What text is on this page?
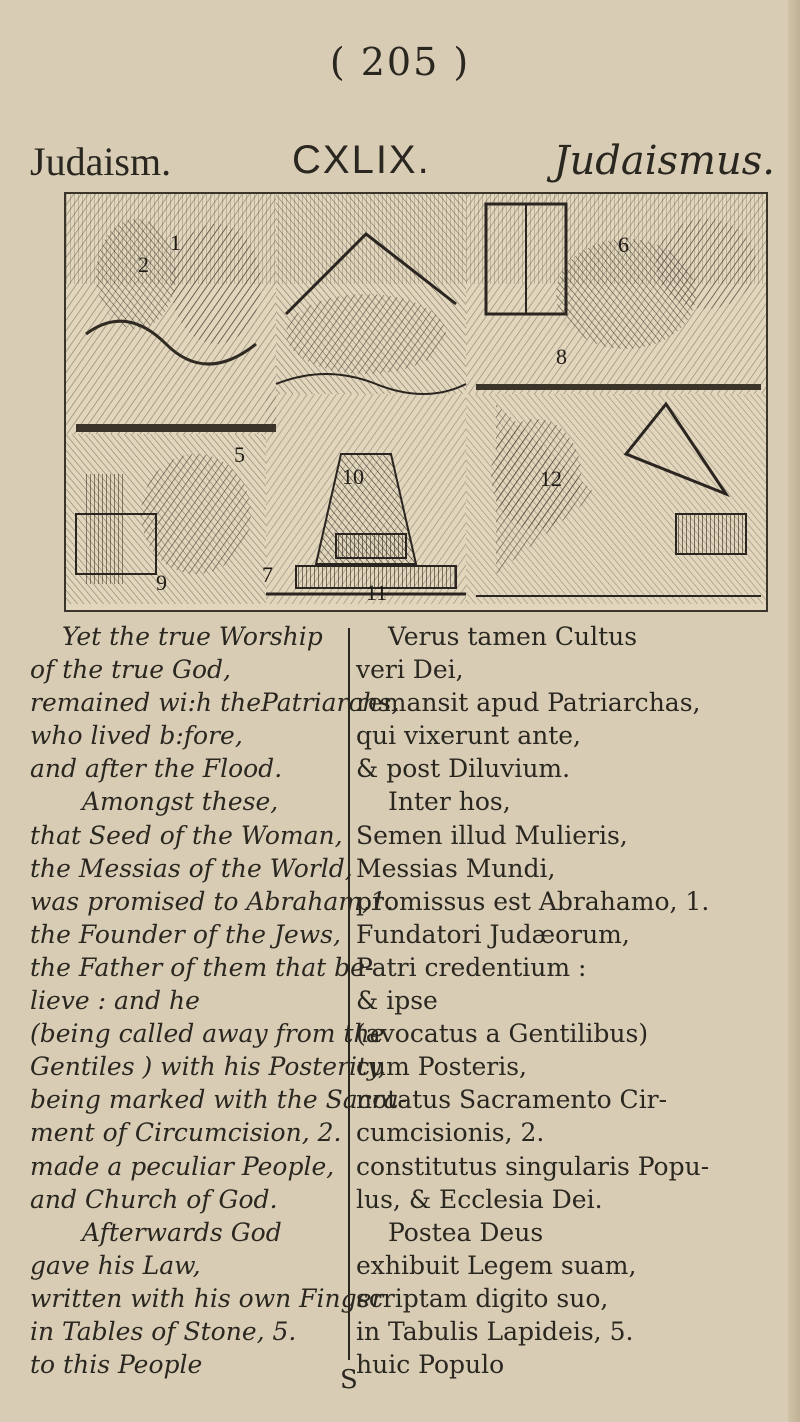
( 205 )
Judaism.	CXLIX.	Judaismus.
1
2
5
6
7
8
9
10
11
12
Yet the true Worship
of the true God,
remained wi:h thePatriarchs,
who lived b:fore,
and after the Flood.
Amongst these,
that Seed of the Woman,
the Messias of the World,
was promised to Abraham,1.
the Founder of the Jews,
the Father of them that be-
lieve : and he
(being called away from the
Gentiles ) with his Posterity,
being marked with the Sacra-
ment of Circumcision, 2.
made a peculiar People,
and Church of God.
Afterwards God
gave his Law,
written with his own Finger
in Tables of Stone, 5.
to this People
Verus tamen Cultus
veri Dei,
remansit apud Patriarchas,
qui vixerunt ante,
& post Diluvium.
Inter hos,
Semen illud Mulieris,
Messias Mundi,
promissus est Abrahamo, 1.
Fundatori Judæorum,
Patri credentium :
& ipse
(avocatus a Gentilibus)
cum Posteris,
notatus Sacramento Cir-
cumcisionis, 2.
constitutus singularis Popu-
lus, & Ecclesia Dei.
Postea Deus
exhibuit Legem suam,
scriptam digito suo,
in Tabulis Lapideis, 5.
huic Populo
S
